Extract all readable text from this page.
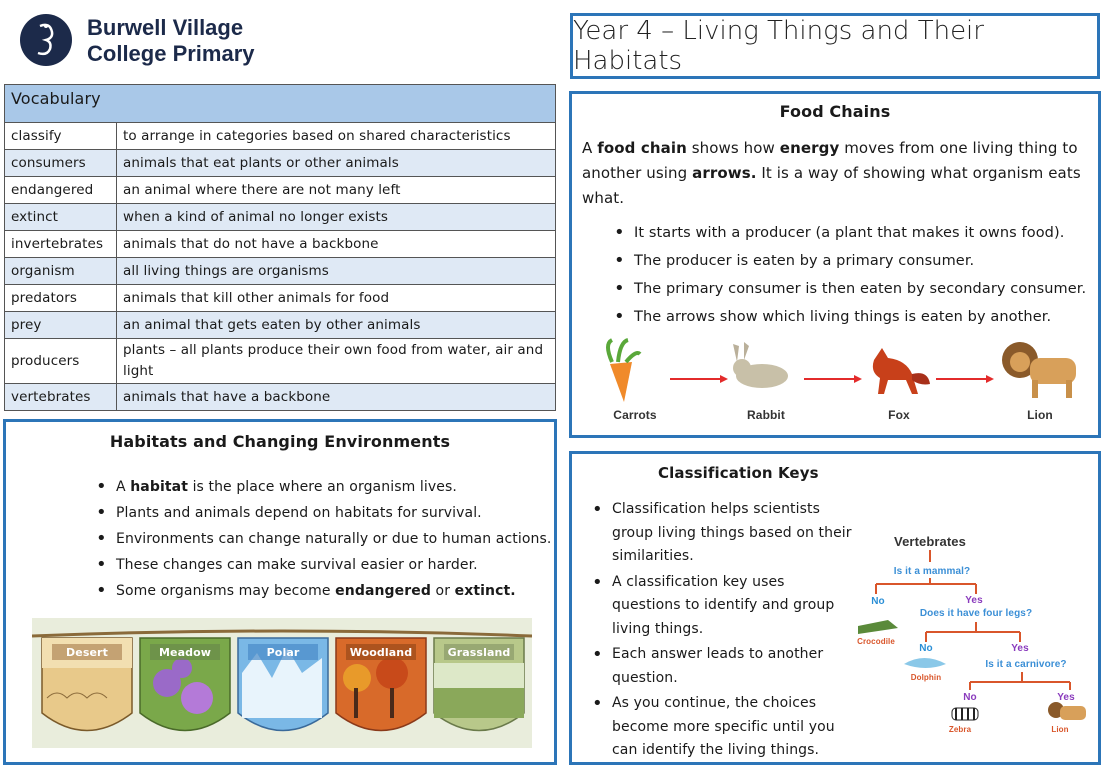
Burwell Village
College Primary
Year 4 – Living Things and Their Habitats
Vocabulary	
classify	to arrange in categories based on shared characteristics
consumers	animals that eat plants or other animals
endangered	an animal where there are not many left
extinct	when a kind of animal no longer exists
invertebrates	animals that do not have a backbone
organism	all living things are organisms
predators	animals that kill other animals for food
prey	an animal that gets eaten by other animals
producers	plants – all plants produce their own food from water, air and light
vertebrates	animals that have a backbone
Habitats and Changing Environments
• A habitat is the place where an organism lives.
• Plants and animals depend on habitats for survival.
• Environments can change naturally or due to human actions.
• These changes can make survival easier or harder.
• Some organisms may become endangered or extinct.
Desert	Meadow	Polar	Woodland	Grassland
Food Chains
A food chain shows how energy moves from one living thing to another using arrows. It is a way of showing what organism eats what.
• It starts with a producer (a plant that makes it owns food).
• The producer is eaten by a primary consumer.
• The primary consumer is then eaten by secondary consumer.
• The arrows show which living things is eaten by another.
Carrots	Rabbit	Fox	Lion
Classification Keys
• Classification helps scientists group living things based on their similarities.
• A classification key uses questions to identify and group living things.
• Each answer leads to another question.
• As you continue, the choices become more specific until you can identify the living things.
Vertebrates
Is it a mammal?
No	Yes
Does it have four legs?
Crocodile
No	Yes
Is it a carnivore?
Dolphin
No	Yes
Zebra	Lion
